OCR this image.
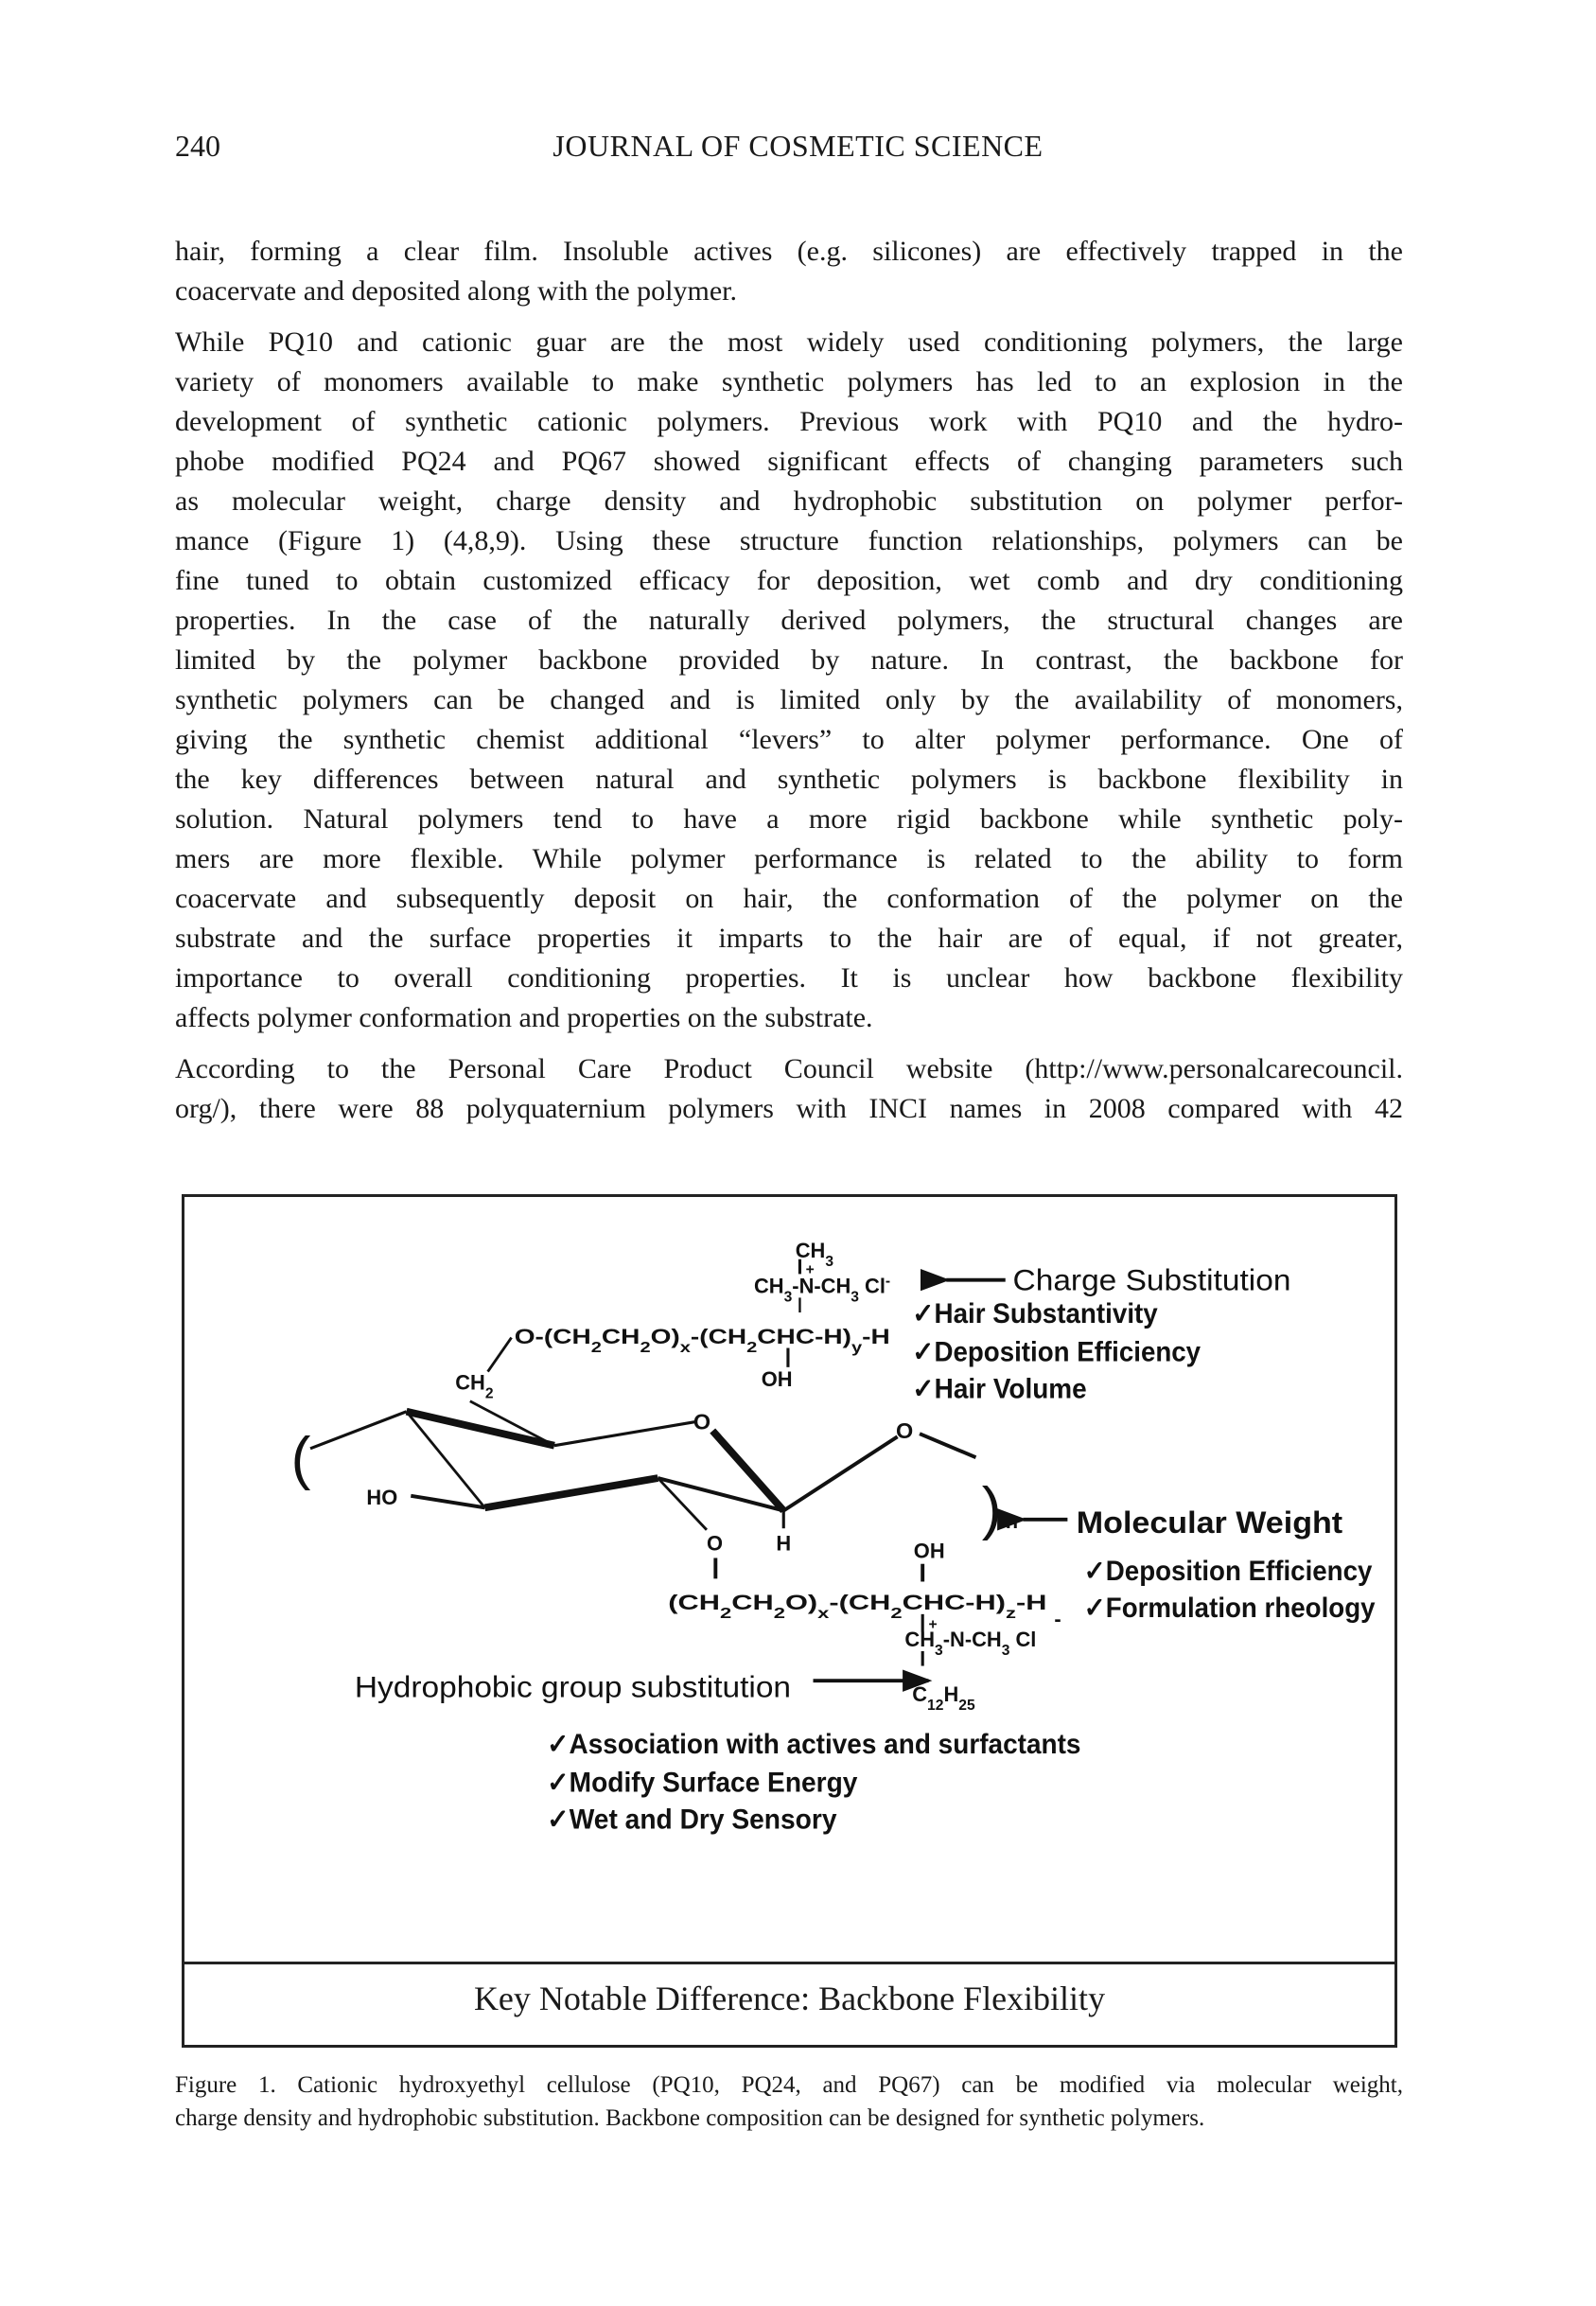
240	JOURNAL OF COSMETIC SCIENCE
hair, forming a clear film. Insoluble actives (e.g. silicones) are effectively trapped in the
coacervate and deposited along with the polymer.
While PQ10 and cationic guar are the most widely used conditioning polymers, the large
variety of monomers available to make synthetic polymers has led to an explosion in the
development of synthetic cationic polymers. Previous work with PQ10 and the hydro-
phobe modified PQ24 and PQ67 showed significant effects of changing parameters such
as molecular weight, charge density and hydrophobic substitution on polymer perfor-
mance (Figure 1) (4,8,9). Using these structure function relationships, polymers can be
fine tuned to obtain customized efficacy for deposition, wet comb and dry conditioning
properties. In the case of the naturally derived polymers, the structural changes are
limited by the polymer backbone provided by nature. In contrast, the backbone for
synthetic polymers can be changed and is limited only by the availability of monomers,
giving the synthetic chemist additional “levers” to alter polymer performance. One of
the key differences between natural and synthetic polymers is backbone flexibility in
solution. Natural polymers tend to have a more rigid backbone while synthetic poly-
mers are more flexible. While polymer performance is related to the ability to form
coacervate and subsequently deposit on hair, the conformation of the polymer on the
substrate and the surface properties it imparts to the hair are of equal, if not greater,
importance to overall conditioning properties. It is unclear how backbone flexibility
affects polymer conformation and properties on the substrate.
According to the Personal Care Product Council website (http://www.personalcarecouncil.
org/), there were 88 polyquaternium polymers with INCI names in 2008 compared with 42
Key Notable Difference: Backbone Flexibility
$CH_3$
+
$CH_3-N-CH_3$ Cl-	Charge Substitution
✓Hair Substantivity
✓Deposition Efficiency
✓Hair Volume
O-(CH $_2$ CH $_2$ O) $_x$ -(CH $_2$ CHC-H) $_y$ -H
OH
$CH_2$
(
O
HO
O
) n	Molecular Weight
✓Deposition Efficiency
✓Formulation rheology
O	H	OH
(CH $_2$ CH $_2$ O) $_x$ -(CH $_2$ CHC-H)	$_z$ -H
+	-
$CH_3-N-CH_3$ Cl
$C_{12}H_{25}$
Hydrophobic group substitution
✓Association with actives and surfactants
✓Modify Surface Energy
✓Wet and Dry Sensory
Figure 1. Cationic hydroxyethyl cellulose (PQ10, PQ24, and PQ67) can be modified via molecular weight,
charge density and hydrophobic substitution. Backbone composition can be designed for synthetic polymers.
